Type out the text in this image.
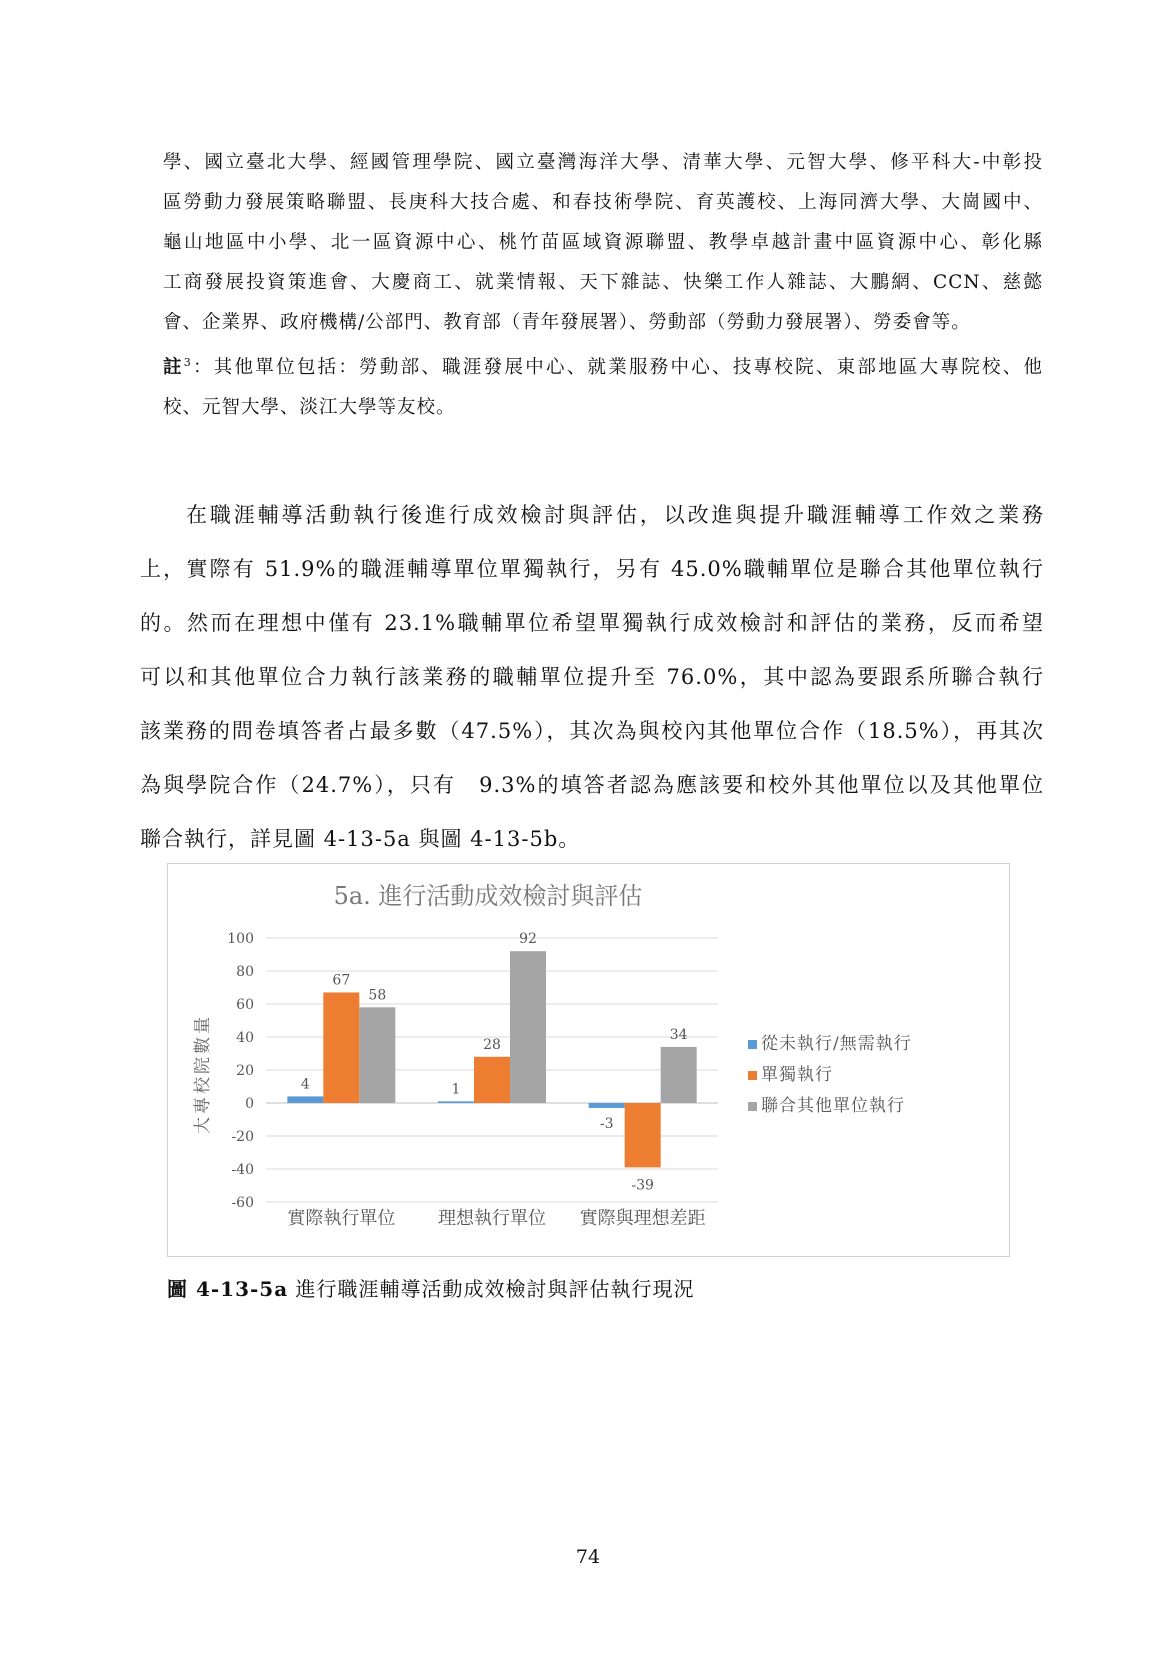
學、國立臺北大學、經國管理學院、國立臺灣海洋大學、清華大學、元智大學、修平科大-中彰投

區勞動力發展策略聯盟、長庚科大技合處、和春技術學院、育英護校、上海同濟大學、大崗國中、

龜山地區中小學、北一區資源中心、桃竹苗區域資源聯盟、教學卓越計畫中區資源中心、彰化縣

工商發展投資策進會、大慶商工、就業情報、天下雜誌、快樂工作人雜誌、大鵬網、CCN、慈懿

會、企業界、政府機構/公部門、教育部（青年發展署）、勞動部（勞動力發展署）、勞委會等。

註$^3$：其他單位包括：勞動部、職涯發展中心、就業服務中心、技專校院、東部地區大專院校、他

校、元智大學、淡江大學等友校。

在職涯輔導活動執行後進行成效檢討與評估，以改進與提升職涯輔導工作效之業務

上，實際有 51.9%的職涯輔導單位單獨執行，另有 45.0%職輔單位是聯合其他單位執行

的。然而在理想中僅有 23.1%職輔單位希望單獨執行成效檢討和評估的業務，反而希望

可以和其他單位合力執行該業務的職輔單位提升至 76.0%，其中認為要跟系所聯合執行

該業務的問卷填答者占最多數（47.5%），其次為與校內其他單位合作（18.5%），再其次

為與學院合作（24.7%），只有　9.3%的填答者認為應該要和校外其他單位以及其他單位

聯合執行，詳見圖 4-13-5a 與圖 4-13-5b。

5a. 進行活動成效檢討與評估
100
80
60
40
20
0
-20
-40
-60
大專校院數量	4
67
58
實際執行單位
1
28
92
理想執行單位
-3
-39
34
實際與理想差距
從未執行/無需執行
單獨執行
聯合其他單位執行
圖 4-13-5a 進行職涯輔導活動成效檢討與評估執行現況
74
